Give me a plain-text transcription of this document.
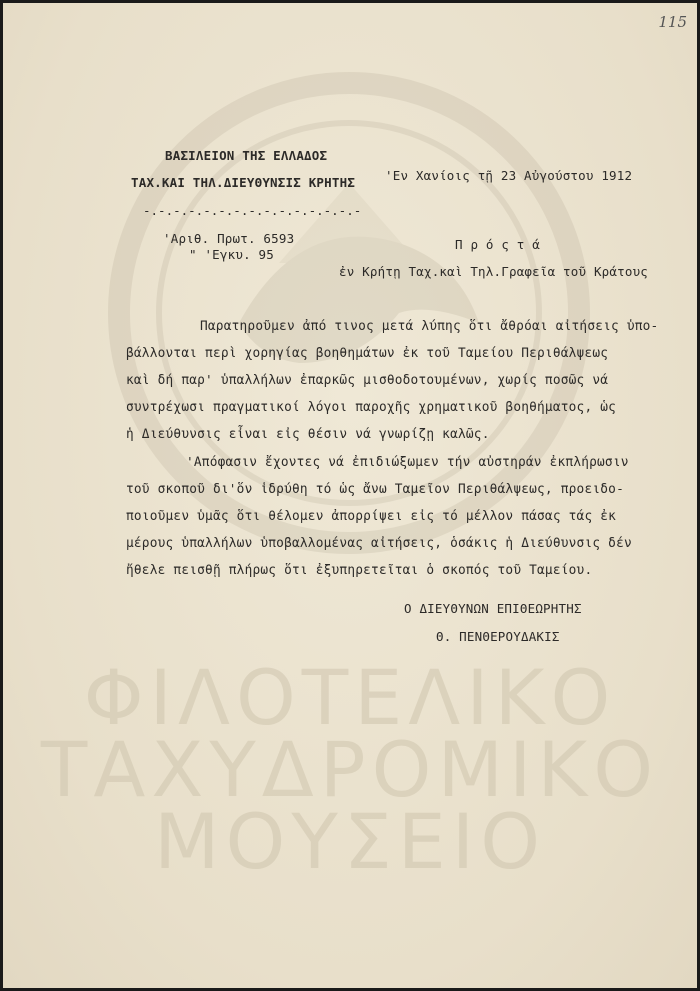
ΦΙΛΟΤΕΛΙΚΟ
ΤΑΧΥΔΡΟΜΙΚΟ
ΜΟΥΣΕΙΟ
115
ΒΑΣΙΛΕΙΟΝ ΤΗΣ ΕΛΛΑΔΟΣ
ΤΑΧ.ΚΑΙ ΤΗΛ.ΔΙΕΥΘΥΝΣΙΣ ΚΡΗΤΗΣ
-.-.-.-.-.-.-.-.-.-.-.-.-.-.-
'Εν Χανίοις τῇ 23 Αὐγούστου 1912
'Αριθ. Πρωτ. 6593
" 'Εγκυ. 95
Π ρ ό ς τ ά
ἐν Κρήτῃ Ταχ.καὶ Τηλ.Γραφεῖα τοῦ Κράτους
Παρατηροῦμεν ἀπό τινος μετά λύπης ὅτι ἄθρόαι αἰτήσεις ὑπο-
βάλλονται περὶ χορηγίας βοηθημάτων ἐκ τοῦ Ταμείου Περιθάλψεως
καὶ δή παρ' ὑπαλλήλων ἐπαρκῶς μισθοδοτουμένων, χωρίς ποσῶς νά
συντρέχωσι πραγματικοί λόγοι παροχῆς χρηματικοῦ βοηθήματος, ὡς
ἡ Διεύθυνσις εἶναι εἰς θέσιν νά γνωρίζῃ καλῶς.
'Απόφασιν ἔχοντες νά ἐπιδιώξωμεν τήν αὐστηράν ἐκπλήρωσιν
τοῦ σκοποῦ δι'ὅν ἱδρύθη τό ὡς ἄνω Ταμεῖον Περιθάλψεως, προειδο-
ποιοῦμεν ὑμᾶς ὅτι θέλομεν ἀπορρίψει εἰς τό μέλλον πάσας τάς ἐκ
μέρους ὑπαλλήλων ὑποβαλλομένας αἰτήσεις, ὁσάκις ἡ Διεύθυνσις δέν
ἤθελε πεισθῇ πλήρως ὅτι ἐξυπηρετεῖται ὁ σκοπός τοῦ Ταμείου.
Ο ΔΙΕΥΘΥΝΩΝ ΕΠΙΘΕΩΡΗΤΗΣ
Θ. ΠΕΝΘΕΡΟΥΔΑΚΙΣ
